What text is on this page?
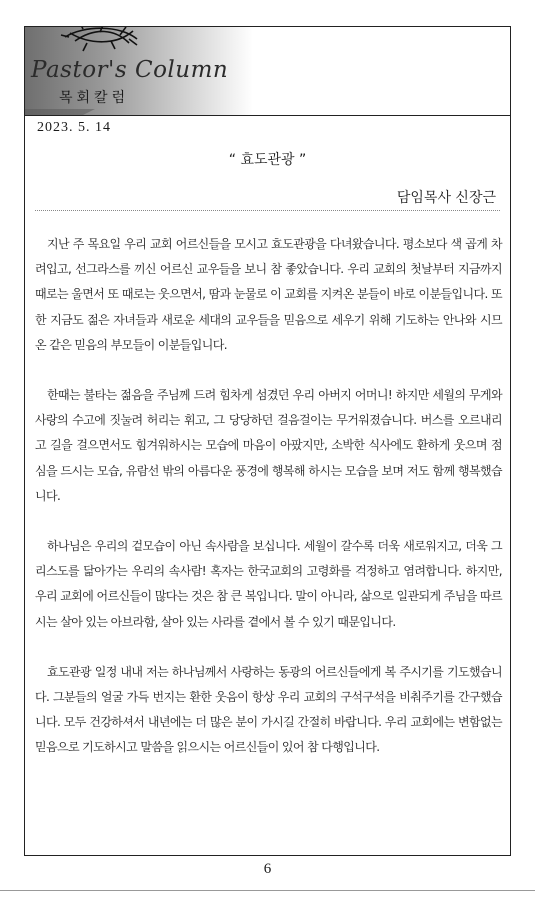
Pastor's Column
목회칼럼
2023. 5. 14
“ 효도관광 ”
담임목사 신장근

지난 주 목요일 우리 교회 어르신들을 모시고 효도관광을 다녀왔습니다. 평소보다 색 곱게 차려입고, 선그라스를 끼신 어르신 교우들을 보니 참 좋았습니다. 우리 교회의 첫날부터 지금까지 때로는 울면서 또 때로는 웃으면서, 땀과 눈물로 이 교회를 지켜온 분들이 바로 이분들입니다. 또한 지금도 젊은 자녀들과 새로운 세대의 교우들을 믿음으로 세우기 위해 기도하는 안나와 시므온 같은 믿음의 부모들이 이분들입니다.

한때는 불타는 젊음을 주님께 드려 힘차게 섬겼던 우리 아버지 어머니! 하지만 세월의 무게와 사랑의 수고에 짓눌려 허리는 휘고, 그 당당하던 걸음걸이는 무거워졌습니다. 버스를 오르내리고 길을 걸으면서도 힘겨워하시는 모습에 마음이 아팠지만, 소박한 식사에도 환하게 웃으며 점심을 드시는 모습, 유람선 밖의 아름다운 풍경에 행복해 하시는 모습을 보며 저도 함께 행복했습니다.

하나님은 우리의 겉모습이 아닌 속사람을 보십니다. 세월이 갈수록 더욱 새로워지고, 더욱 그리스도를 닮아가는 우리의 속사람! 혹자는 한국교회의 고령화를 걱정하고 염려합니다. 하지만, 우리 교회에 어르신들이 많다는 것은 참 큰 복입니다. 말이 아니라, 삶으로 일관되게 주님을 따르시는 살아 있는 아브라함, 살아 있는 사라를 곁에서 볼 수 있기 때문입니다.

효도관광 일정 내내 저는 하나님께서 사랑하는 동광의 어르신들에게 복 주시기를 기도했습니다. 그분들의 얼굴 가득 번지는 환한 웃음이 항상 우리 교회의 구석구석을 비춰주기를 간구했습니다. 모두 건강하셔서 내년에는 더 많은 분이 가시길 간절히 바랍니다. 우리 교회에는 변함없는 믿음으로 기도하시고 말씀을 읽으시는 어르신들이 있어 참 다행입니다.

6
